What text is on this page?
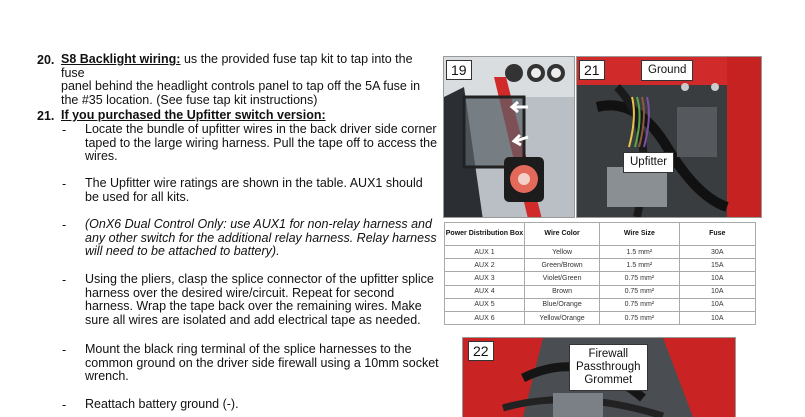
20. S8 Backlight wiring: us the provided fuse tap kit to tap into the fuse
panel behind the headlight controls panel to tap off the 5A fuse in
the #35 location. (See fuse tap kit instructions)
21. If you purchased the Upfitter switch version:
- Locate the bundle of upfitter wires in the back driver side corner
taped to the large wiring harness. Pull the tape off to access the
wires.
- The Upfitter wire ratings are shown in the table. AUX1 should
be used for all kits.
- (OnX6 Dual Control Only: use AUX1 for non-relay harness and
any other switch for the additional relay harness. Relay harness
will need to be attached to battery).
- Using the pliers, clasp the splice connector of the upfitter splice
harness over the desired wire/circuit. Repeat for second
harness. Wrap the tape back over the remaining wires. Make
sure all wires are isolated and add electrical tape as needed.
- Mount the black ring terminal of the splice harnesses to the
common ground on the driver side firewall using a 10mm socket
wrench.
- Reattach battery ground (-).
19	21	Ground
Upfitter
Power Distribution Box	Wire Color	Wire Size	Fuse
AUX 1	Yellow	1.5 mm²	30A
AUX 2	Green/Brown	1.5 mm²	15A
AUX 3	Violet/Green	0.75 mm²	10A
AUX 4	Brown	0.75 mm²	10A
AUX 5	Blue/Orange	0.75 mm²	10A
AUX 6	Yellow/Orange	0.75 mm²	10A
22	Firewall
Passthrough
Grommet
